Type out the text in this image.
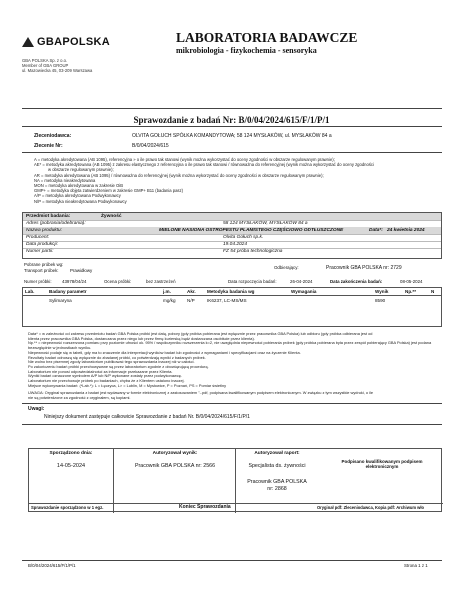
GBAPOLSKA	LABORATORIA BADAWCZE
mikrobiologia - fizykochemia - sensoryka
GBA POLSKA Sp. z o.o.
Member of GBA GROUP
ul. Mazowiecka 45, 03-209 Warszawa
Sprawozdanie z badań Nr: B/0/04/2024/615/F/1/P/1
Zleceniodawca:	OLVITA GOŁUCH SPÓŁKA KOMANDYTOWA; 58 124 MYSŁAKÓW, ul. MYSŁAKÓW 84 a
Zlecenie Nr:	B/0/04/2024/615
A = metodyka akredytowana (AB 1095), referencyjna » o ile prawo tak stanowi (wynik można wykorzystać do oceny zgodności w obszarze regulowanym prawnie);
AE* = metodyka akredytowana (AB 1095) z zakresu elastycznego z referencyjna o ile prawo tak stanowi / równoważna do referencyjnej (wynik można wykorzystać do oceny zgodności
w obszarze regulowanym prawnie);
AR = metodyka akredytowana (AB 1095) / równoważna do referencyjnej (wynik można wykorzystać do oceny zgodności w obszarze regulowanym prawnie);
NA = metodyka nieakredytowana
MON = metodyka akredytowana w zakresie OiB
GMP+ = metodyka objęta zatwierdzeniem w zakresie GMP+ B11 (badania pasz)
A/P = metodyka akredytowana Podwykonawcy
N/P = metodyka nieakredytowana Podwykonawcy
Przedmiot badania:	Żywność
Adres (pobrania/odebrania):	58 124 MYSŁAKÓW, MYSŁAKÓW 84 a
Nazwa produktu:	MIELONE NASIONA OSTROPESTU PLAMISTEGO CZĘŚCIOWO ODTŁUSZCZONE	Data*: 24 kwietnia 2024
Producent:	Olvita Gołuch sp.k.
Data produkcji:	19.04.2024
Numer partii:	FZ 54 próba technologiczna
Pobrane próbek wg:
Transport próbek:	Prawidłowy
Odbierający:	Pracownik GBA POLSKA nr: 2729
Numer próbki: 43978/04/24	Ocena próbki:	bez zastrzeżeń	Data rozpoczęcia badań:	26-04-2024	Data zakończenia badań:	08-05-2024
Lab.	Badany parametr	j.m.	Akr.	Metodyka badania wg	Wymagania	Wynik	Np.**	N
	Sylimaryna	mg/kg	N/P	IK6237, LC-MS/MS		8590		
Data* = w zależności od zakresu przedmiotu badań GBA Polska próbki jest datą, pobory (gdy próbka pobierana jest wyłącznie przez pracownika GBA Polska) lub odbioru (gdy próbka odbierana jest od
klienta przez pracownika GBA Polska, dostarczana przez niego lub przez firmę kurierską bądź dostarczana osobiście przez klienta).
Np.** = niepewność rozszerzona pomiaru przy poziomie ufności ok. 95% / współczynniku rozszerzenia k=2, nie uwzględnia niepewności pobierania próbek (gdy próbka pobierana była przez zespół pobierający GBA Polska) jest podana
bezwzględnie w jednostkach wyniku.
Niepewność podaje się w tabeli, gdy ma to znaczenie dla interpretacji wyników badań lub zgodności z wymaganiami i specyfikacjami oraz na życzenie Klienta.
Rezultaty badań odnoszą się wyłącznie do zbadanej próbki, co potwierdzają wyniki z badanych próbek.
Nie wolno bez pisemnej zgody laboratorium publikować tego sprawozdania inaczej niż w całości.
Po zakończeniu badań próbki przechowywane są przez laboratorium zgodnie z obowiązującą procedurą.
Laboratorium nie ponosi odpowiedzialności za informacje przekazane przez Klienta.
Wyniki badań oznaczone symbolem A/P lub N/P wykonane zostały przez podwykonawcę.
Laboratorium nie przechowuje próbek po badaniach, chyba że z Klientem ustalono inaczej.
Miejsce wykonywania badań: (*Lab.*): L = Łęczyca, L> = Lublin, M = Mysłowice, P = Poznań, PS = Pomiar świetlny
UWAGA: Oryginał sprawozdania z badań jest wydawany w formie elektronicznej z zastosowaniem "-.pdf, podpisana kwalifikowanym podpisem elektronicznym. W związku z tym wszystkie wydruki, o ile
nie są potwierdzone za zgodność z oryginałem, są kopiami.
Uwagi:
Niniejszy dokument zastępuje całkowicie Sprawozdanie z badań Nr. B/0/04/2024/615/F/1/P/1
Sporządzono dnia:
14-05-2024
Autoryzował wynik:
Pracownik GBA POLSKA nr: 2566
Autoryzował raport:
Specjalista ds. żywności
Pracownik GBA POLSKA
nr: 2868
Podpisano kwalifikowanym podpisem elektronicznym
Sprawozdanie sporządzono w 1 egz.	Koniec Sprawozdania	Oryginał pdf: Zleceniodawca, Kopia pdf: Archiwum wło
B/0/04/2024/615/F/1/P/1	Strona 1 z 1
